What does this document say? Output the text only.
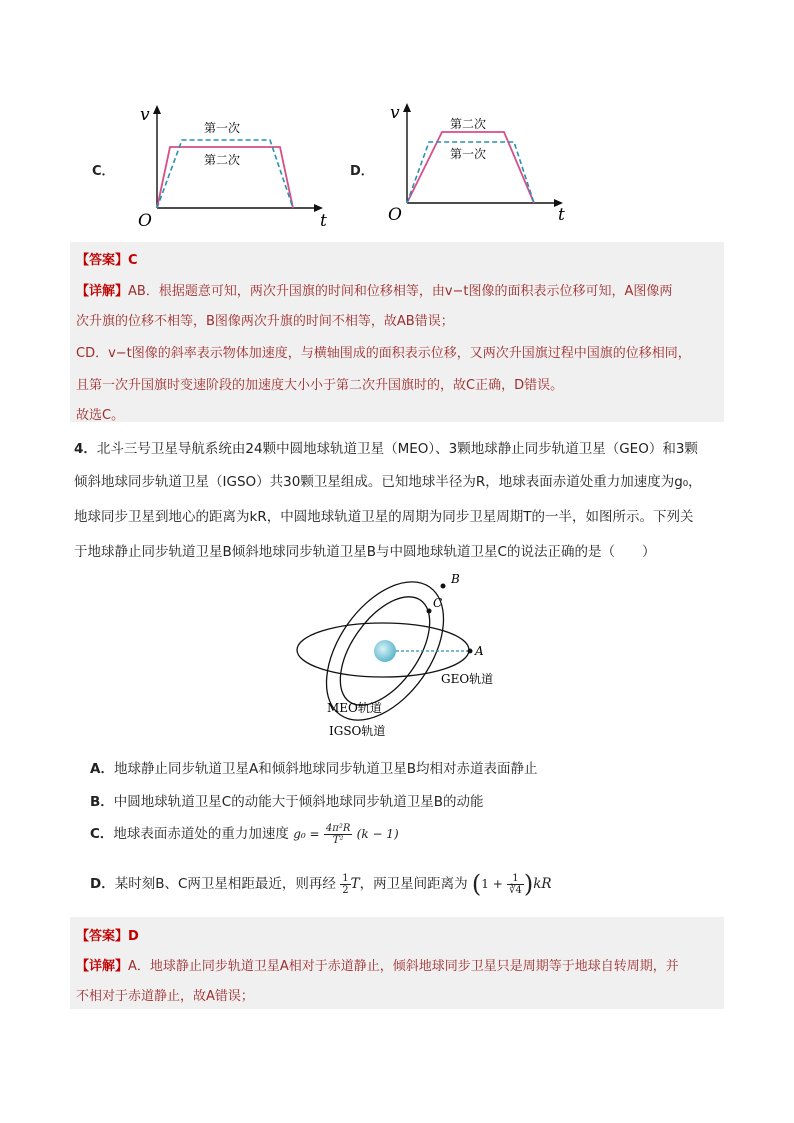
C．
v
O	t
第一次
第二次
D．
v
O	t
第二次
第一次
【答案】C
【详解】AB．根据题意可知，两次升国旗的时间和位移相等，由v−t图像的面积表示位移可知，A图像两
次升旗的位移不相等，B图像两次升旗的时间不相等，故AB错误；
CD．v−t图像的斜率表示物体加速度，与横轴围成的面积表示位移，又两次升国旗过程中国旗的位移相同，
且第一次升国旗时变速阶段的加速度大小小于第二次升国旗时的，故C正确，D错误。
故选C。
4．北斗三号卫星导航系统由24颗中圆地球轨道卫星（MEO）、3颗地球静止同步轨道卫星（GEO）和3颗
倾斜地球同步轨道卫星（IGSO）共30颗卫星组成。已知地球半径为R，地球表面赤道处重力加速度为g₀，
地球同步卫星到地心的距离为kR，中圆地球轨道卫星的周期为同步卫星周期T的一半，如图所示。下列关
于地球静止同步轨道卫星B倾斜地球同步轨道卫星B与中圆地球轨道卫星C的说法正确的是（　　）
B
C
A
GEO轨道
MEO轨道
IGSO轨道
A．地球静止同步轨道卫星A和倾斜地球同步轨道卫星B均相对赤道表面静止
B．中圆地球轨道卫星C的动能大于倾斜地球同步轨道卫星B的动能
C．地球表面赤道处的重力加速度 $g_0 = \frac{\text{4π²R}}{\text{T²}} (k - 1)$
D．某时刻B、C两卫星相距最近，则再经 $\frac{1}{2}$ T，两卫星间距离为 $(1 + \frac{1}{∛4} )kR$
【答案】D
【详解】A．地球静止同步轨道卫星A相对于赤道静止，倾斜地球同步卫星只是周期等于地球自转周期，并
不相对于赤道静止，故A错误；
